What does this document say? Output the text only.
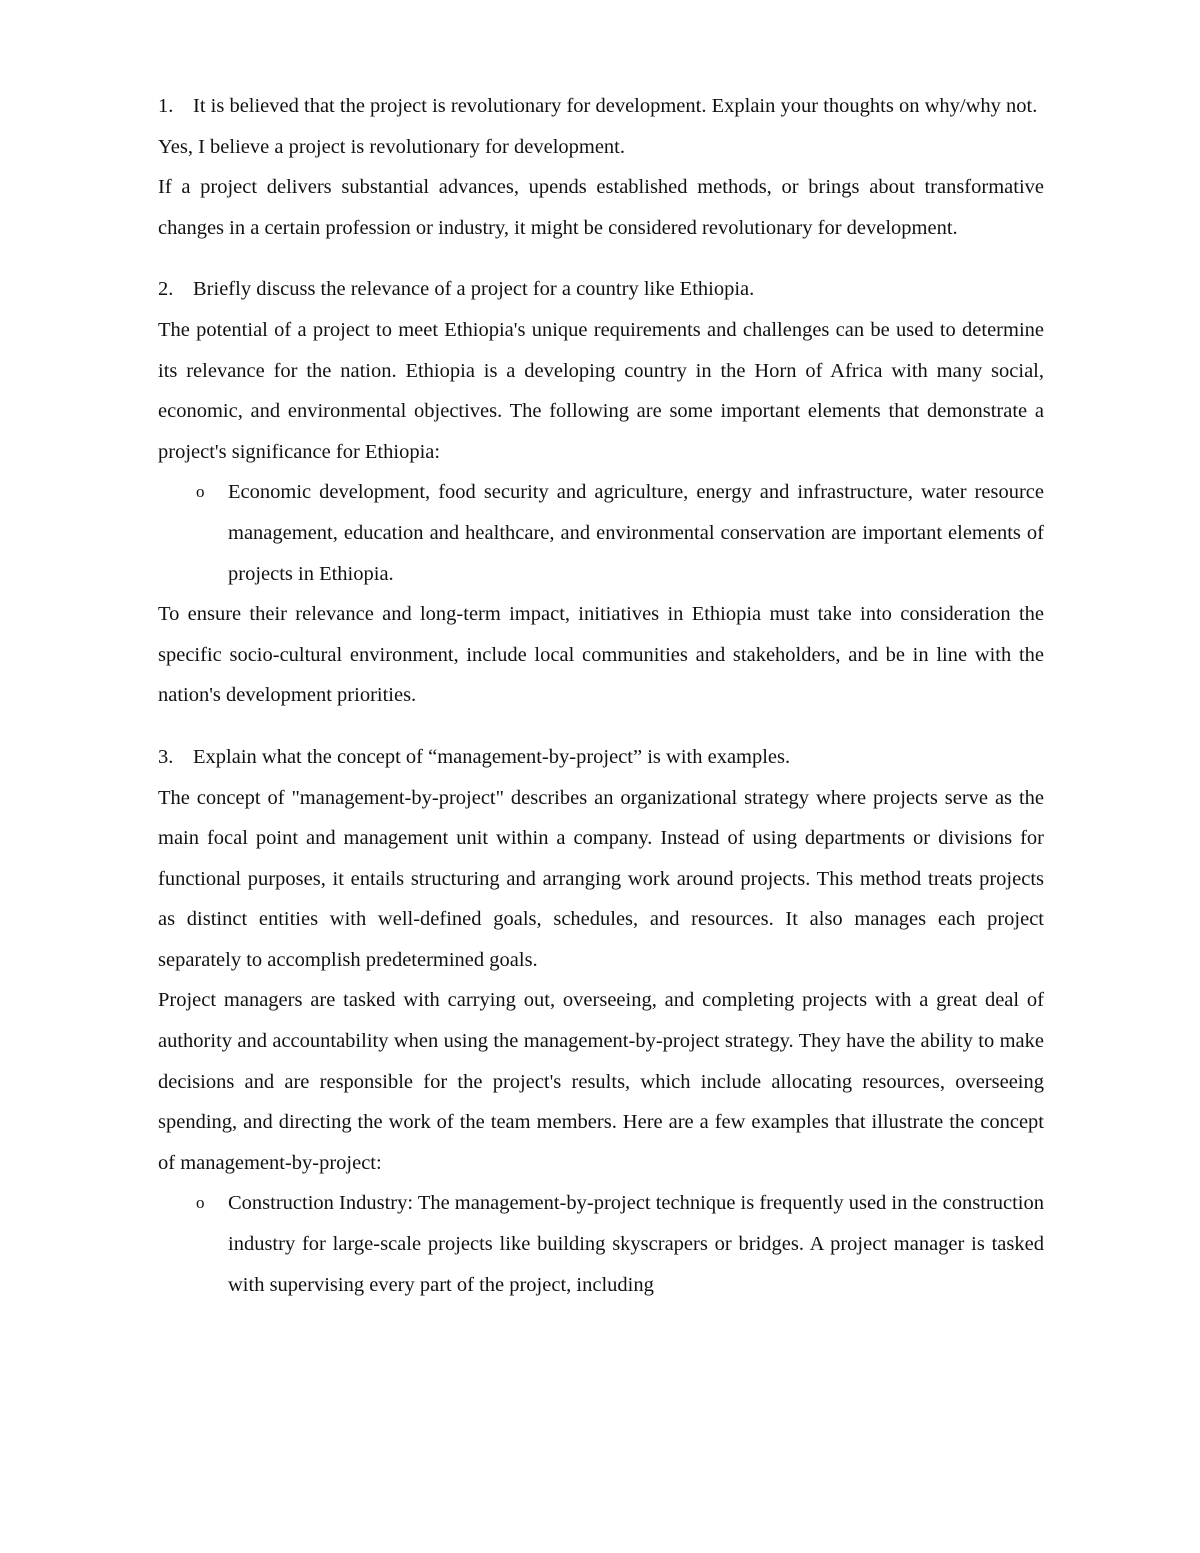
1. It is believed that the project is revolutionary for development. Explain your thoughts on why/why not.

Yes, I believe a project is revolutionary for development.

If a project delivers substantial advances, upends established methods, or brings about transformative changes in a certain profession or industry, it might be considered revolutionary for development.

2. Briefly discuss the relevance of a project for a country like Ethiopia.

The potential of a project to meet Ethiopia's unique requirements and challenges can be used to determine its relevance for the nation. Ethiopia is a developing country in the Horn of Africa with many social, economic, and environmental objectives. The following are some important elements that demonstrate a project's significance for Ethiopia:

o	Economic development, food security and agriculture, energy and infrastructure, water resource management, education and healthcare, and environmental conservation are important elements of projects in Ethiopia.

To ensure their relevance and long-term impact, initiatives in Ethiopia must take into consideration the specific socio-cultural environment, include local communities and stakeholders, and be in line with the nation's development priorities.

3. Explain what the concept of “management-by-project” is with examples.

The concept of "management-by-project" describes an organizational strategy where projects serve as the main focal point and management unit within a company. Instead of using departments or divisions for functional purposes, it entails structuring and arranging work around projects. This method treats projects as distinct entities with well-defined goals, schedules, and resources. It also manages each project separately to accomplish predetermined goals.

Project managers are tasked with carrying out, overseeing, and completing projects with a great deal of authority and accountability when using the management-by-project strategy. They have the ability to make decisions and are responsible for the project's results, which include allocating resources, overseeing spending, and directing the work of the team members. Here are a few examples that illustrate the concept of management-by-project:

o	Construction Industry: The management-by-project technique is frequently used in the construction industry for large-scale projects like building skyscrapers or bridges. A project manager is tasked with supervising every part of the project, including
